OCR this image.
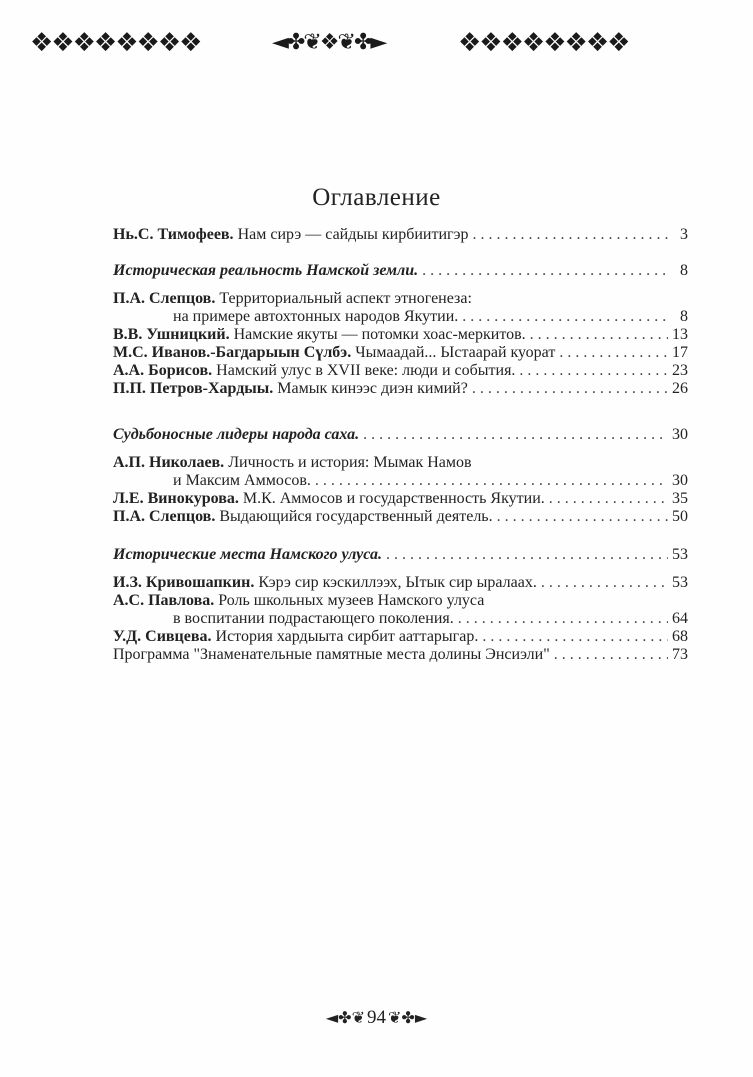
❖❖❖❖❖❖❖❖	◄✤❦❖❦✤►	❖❖❖❖❖❖❖❖
Оглавление
Нь.С. Тимофеев. Нам сирэ — сайдыы кирбиитигэр . . .	3
Историческая реальность Намской земли. . . .	8
П.А. Слепцов. Территориальный аспект этногенеза:
на примере автохтонных народов Якутии. . . .	8
В.В. Ушницкий. Намские якуты — потомки хоас-меркитов. . . .	13
М.С. Иванов.-Багдарыын Сүлбэ. Чымаадай... Ыстаарай куорат . . .	17
А.А. Борисов. Намский улус в XVII веке: люди и события. . . .	23
П.П. Петров-Хардыы. Мамык кинээс диэн кимий? . . .	26
Судьбоносные лидеры народа саха. . . .	30
А.П. Николаев. Личность и история: Мымак Намов
и Максим Аммосов. . . .	30
Л.Е. Винокурова. М.К. Аммосов и государственность Якутии. . . .	35
П.А. Слепцов. Выдающийся государственный деятель. . . .	50
Исторические места Намского улуса. . . .	53
И.З. Кривошапкин. Кэрэ сир кэскиллээх, Ытык сир ыралаах. . . .	53
А.С. Павлова. Роль школьных музеев Намского улуса
в воспитании подрастающего поколения. . . .	64
У.Д. Сивцева. История хардыыта сирбит ааттарыгар. . . .	68
Программа "Знаменательные памятные места долины Энсиэли" . . .	73
◄✤❦ 94 ❦✤►
